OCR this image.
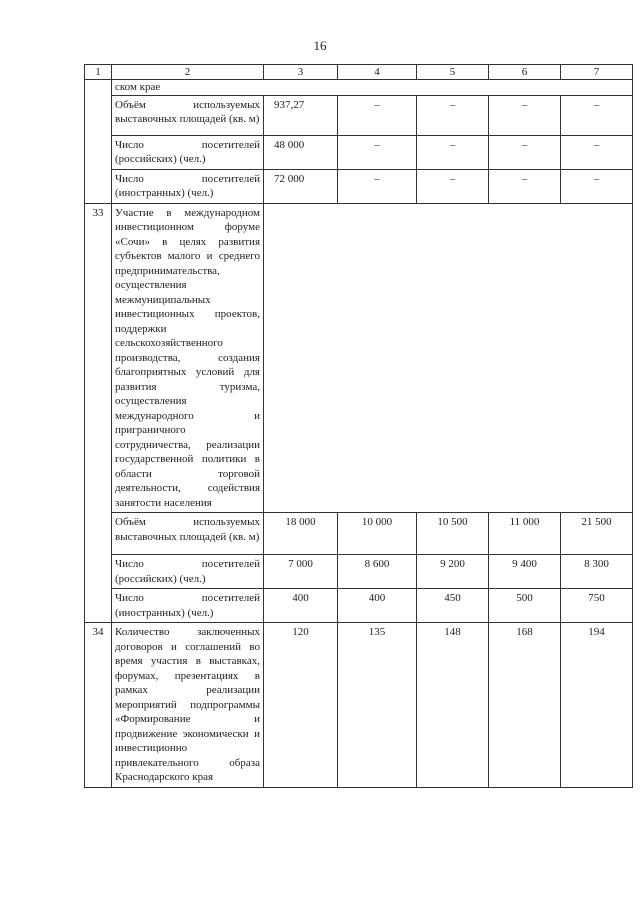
16
1	2	3	4	5	6	7
	ском крае					
	Объём используемых выставочных площадей (кв. м)	937,27	–	–	–	–
	Число посетителей (российских) (чел.)	48 000	–	–	–	–
	Число посетителей (иностранных) (чел.)	72 000	–	–	–	–
33	Участие в международном инвестиционном форуме «Сочи» в целях развития субъектов малого и среднего предпринимательства, осуществления межмуниципальных инвестиционных проектов, поддержки сельскохозяйственного производства, создания благоприятных условий для развития туризма, осуществления международного и приграничного сотрудничества, реализации государственной политики в области торговой деятельности, содействия занятости населения					
	Объём используемых выставочных площадей (кв. м)	18 000	10 000	10 500	11 000	21 500
	Число посетителей (российских) (чел.)	7 000	8 600	9 200	9 400	8 300
	Число посетителей (иностранных) (чел.)	400	400	450	500	750
34	Количество заключенных договоров и соглашений во время участия в выставках, форумах, презентациях в рамках реализации мероприятий подпрограммы «Формирование и продвижение экономически и инвестиционно привлекательного образа Краснодарского края	120	135	148	168	194
